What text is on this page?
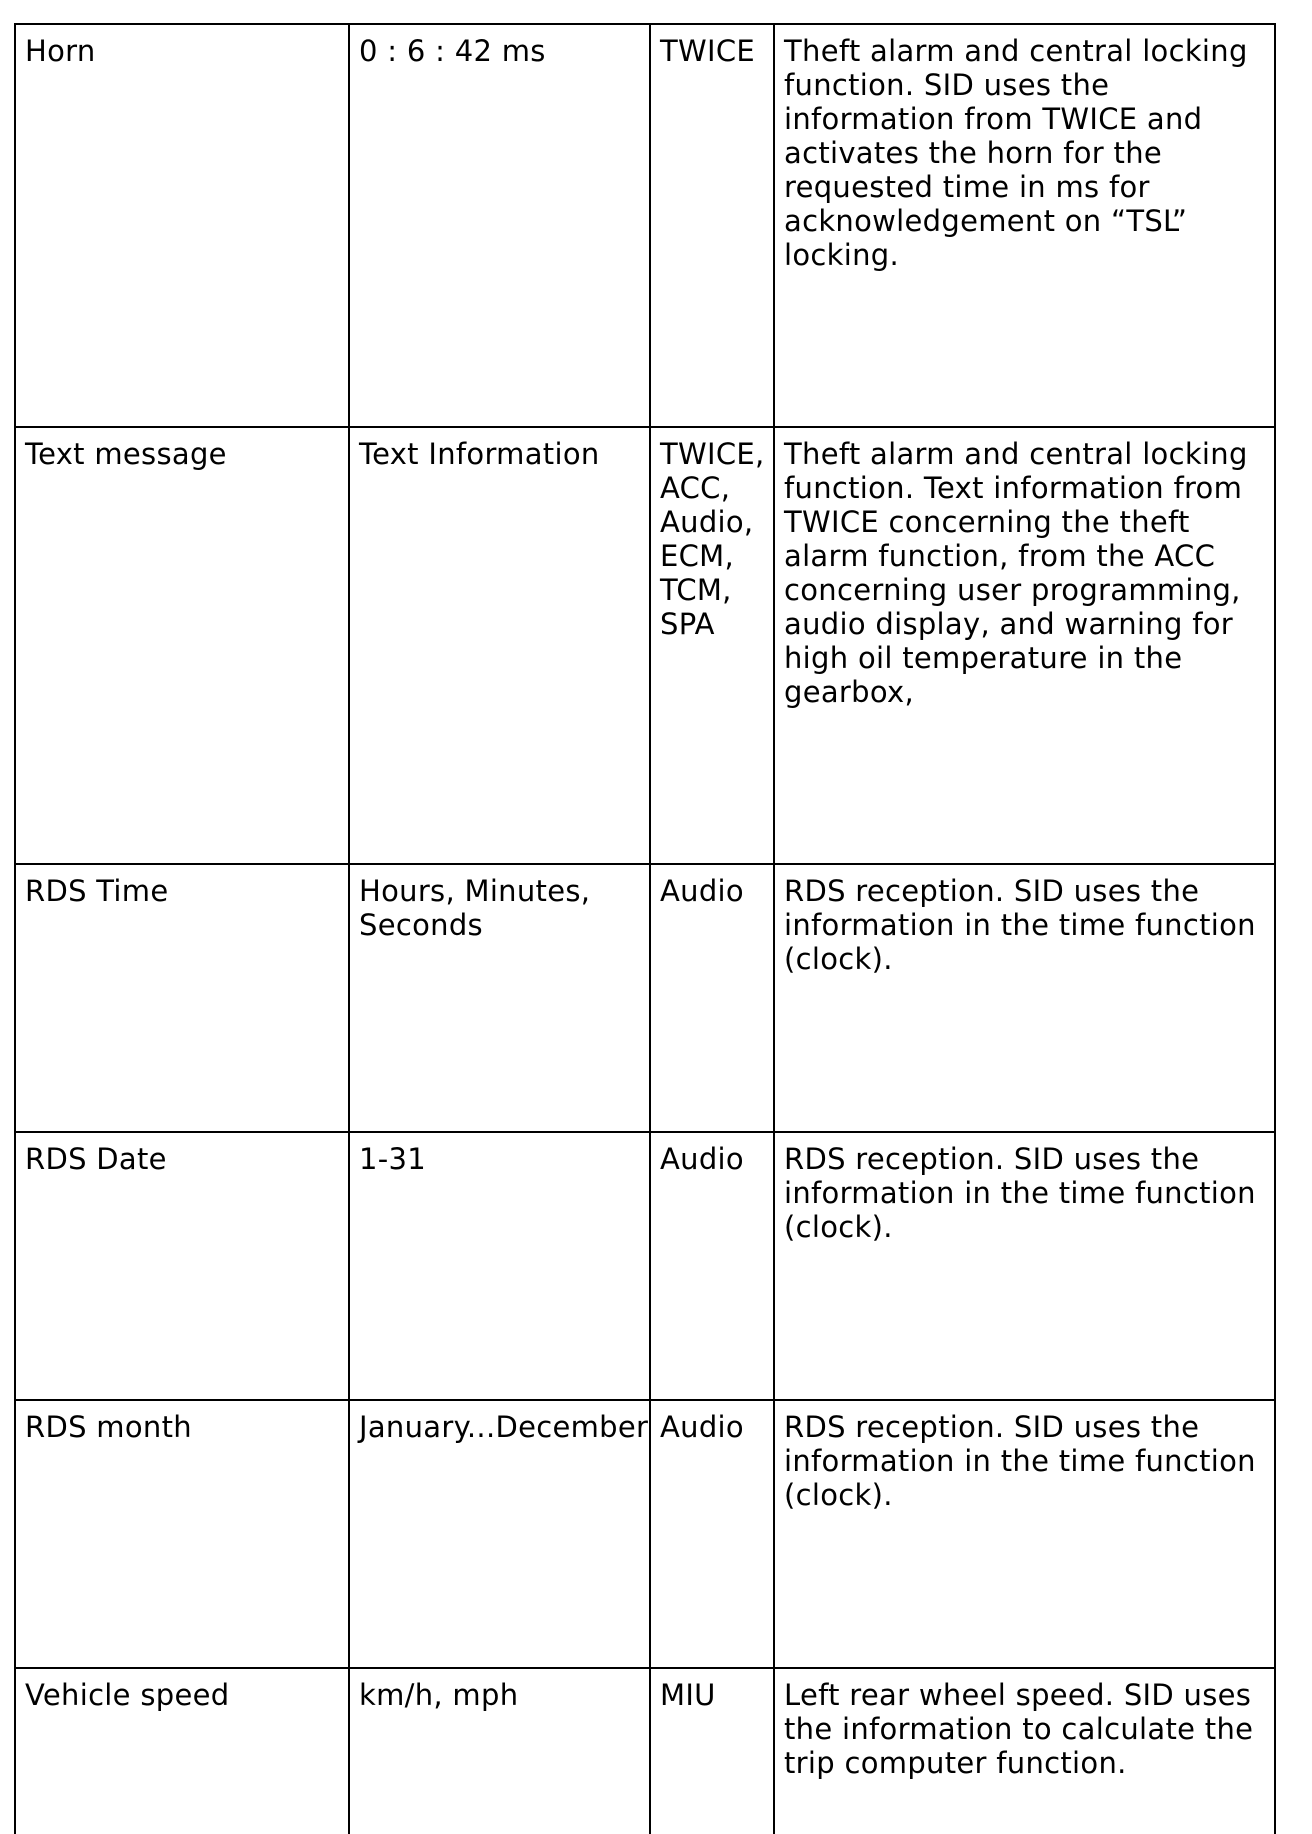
Horn	0 : 6 : 42 ms	TWICE	Theft alarm and central locking function. SID uses the information from TWICE and activates the horn for the requested time in ms for acknowledgement on “TSL” locking.
Text message	Text Information	TWICE, ACC, Audio, ECM, TCM, SPA	Theft alarm and central locking function. Text information from TWICE concerning the theft alarm function, from the ACC concerning user programming, audio display, and warning for high oil temperature in the gearbox,
RDS Time	Hours, Minutes, Seconds	Audio	RDS reception. SID uses the information in the time function (clock).
RDS Date	1-31	Audio	RDS reception. SID uses the information in the time function (clock).
RDS month	January...December	Audio	RDS reception. SID uses the information in the time function (clock).
Vehicle speed	km/h, mph	MIU	Left rear wheel speed. SID uses the information to calculate the trip computer function.
